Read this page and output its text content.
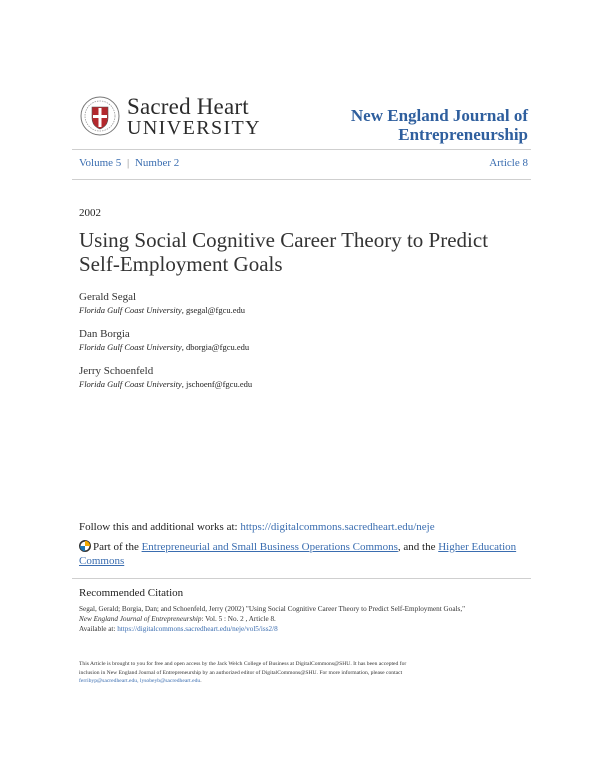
Sacred Heart
UNIVERSITY
New England Journal of
Entrepreneurship
Volume 5 | Number 2	Article 8
2002
Using Social Cognitive Career Theory to Predict Self-Employment Goals
Gerald Segal
Florida Gulf Coast University, gsegal@fgcu.edu
Dan Borgia
Florida Gulf Coast University, dborgia@fgcu.edu
Jerry Schoenfeld
Florida Gulf Coast University, jschoenf@fgcu.edu
Follow this and additional works at: https://digitalcommons.sacredheart.edu/neje
Part of the Entrepreneurial and Small Business Operations Commons, and the Higher Education
Commons
Recommended Citation
Segal, Gerald; Borgia, Dan; and Schoenfeld, Jerry (2002) "Using Social Cognitive Career Theory to Predict Self-Employment Goals,"
New England Journal of Entrepreneurship: Vol. 5 : No. 2 , Article 8.
Available at: https://digitalcommons.sacredheart.edu/neje/vol5/iss2/8
This Article is brought to you for free and open access by the Jack Welch College of Business at DigitalCommons@SHU. It has been accepted for
inclusion in New England Journal of Entrepreneurship by an authorized editor of DigitalCommons@SHU. For more information, please contact
ferribyp@sacredheart.edu, lysobeyb@sacredheart.edu.
